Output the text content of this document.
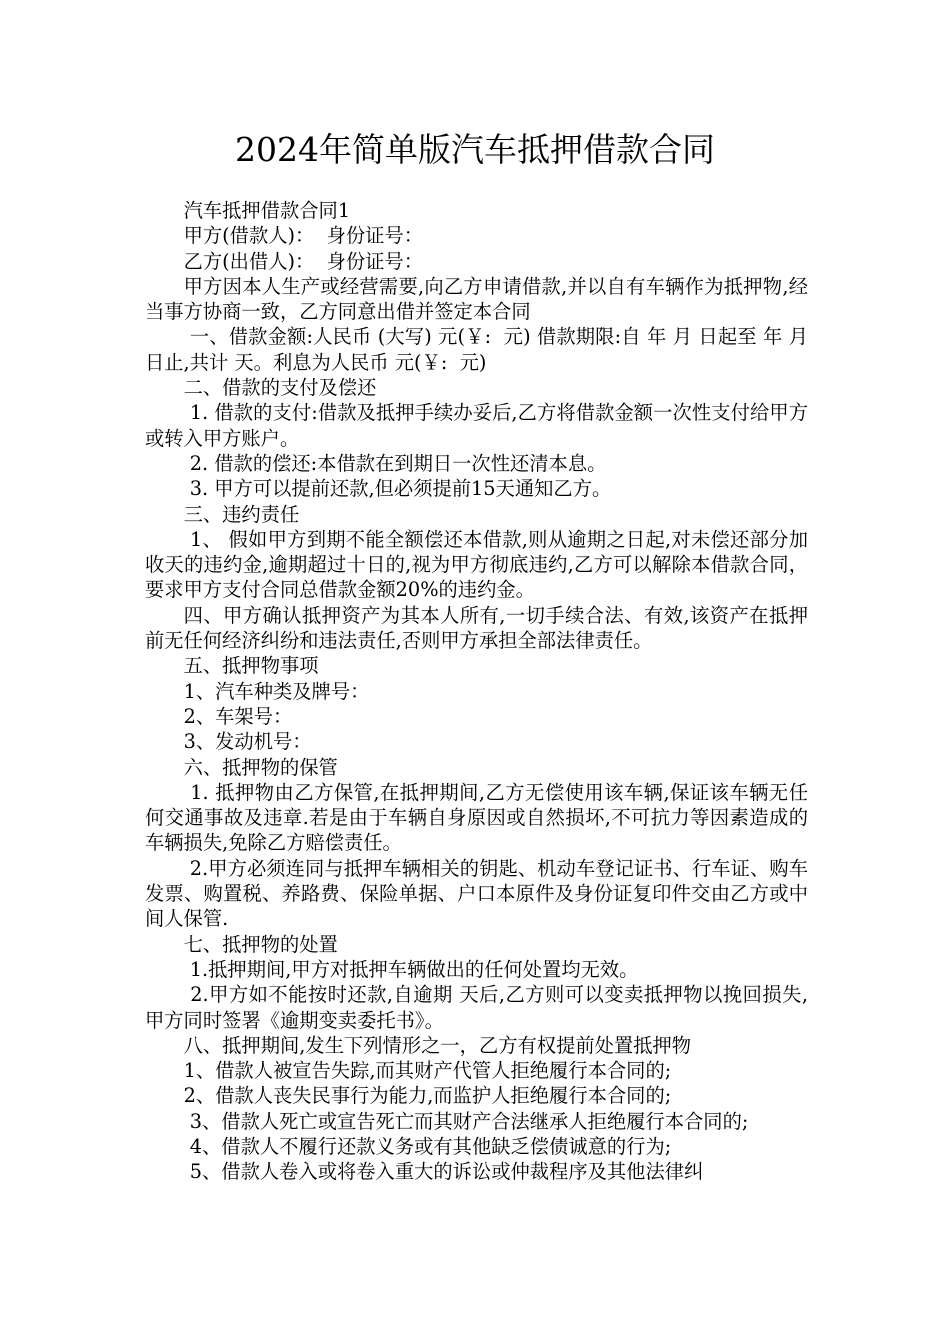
2024年简单版汽车抵押借款合同

汽车抵押借款合同1

甲方(借款人)：  身份证号：

乙方(出借人)：  身份证号：

甲方因本人生产或经营需要,向乙方申请借款,并以自有车辆作为抵押物,经当事方协商一致，乙方同意出借并签定本合同

一、借款金额:人民币 (大写) 元(￥:  元) 借款期限:自 年 月 日起至 年 月 日止,共计 天。利息为人民币 元(￥:  元)

二、借款的支付及偿还

1. 借款的支付:借款及抵押手续办妥后,乙方将借款金额一次性支付给甲方或转入甲方账户。

2. 借款的偿还:本借款在到期日一次性还清本息。

3. 甲方可以提前还款,但必须提前15天通知乙方。

三、违约责任

1、 假如甲方到期不能全额偿还本借款,则从逾期之日起,对未偿还部分加收天的违约金,逾期超过十日的,视为甲方彻底违约,乙方可以解除本借款合同，要求甲方支付合同总借款金额20%的违约金。

四、甲方确认抵押资产为其本人所有,一切手续合法、有效,该资产在抵押前无任何经济纠纷和违法责任,否则甲方承担全部法律责任。

五、抵押物事项

1、汽车种类及牌号：

2、车架号：

3、发动机号：

六、抵押物的保管

1. 抵押物由乙方保管,在抵押期间,乙方无偿使用该车辆,保证该车辆无任何交通事故及违章.若是由于车辆自身原因或自然损坏,不可抗力等因素造成的车辆损失,免除乙方赔偿责任。

2.甲方必须连同与抵押车辆相关的钥匙、机动车登记证书、行车证、购车发票、购置税、养路费、保险单据、户口本原件及身份证复印件交由乙方或中间人保管.

七、抵押物的处置

1.抵押期间,甲方对抵押车辆做出的任何处置均无效。

2.甲方如不能按时还款,自逾期 天后,乙方则可以变卖抵押物以挽回损失,甲方同时签署《逾期变卖委托书》。

八、抵押期间,发生下列情形之一，乙方有权提前处置抵押物

1、借款人被宣告失踪,而其财产代管人拒绝履行本合同的;

2、借款人丧失民事行为能力,而监护人拒绝履行本合同的;

3、借款人死亡或宣告死亡而其财产合法继承人拒绝履行本合同的;

4、借款人不履行还款义务或有其他缺乏偿债诚意的行为;

5、借款人卷入或将卷入重大的诉讼或仲裁程序及其他法律纠
